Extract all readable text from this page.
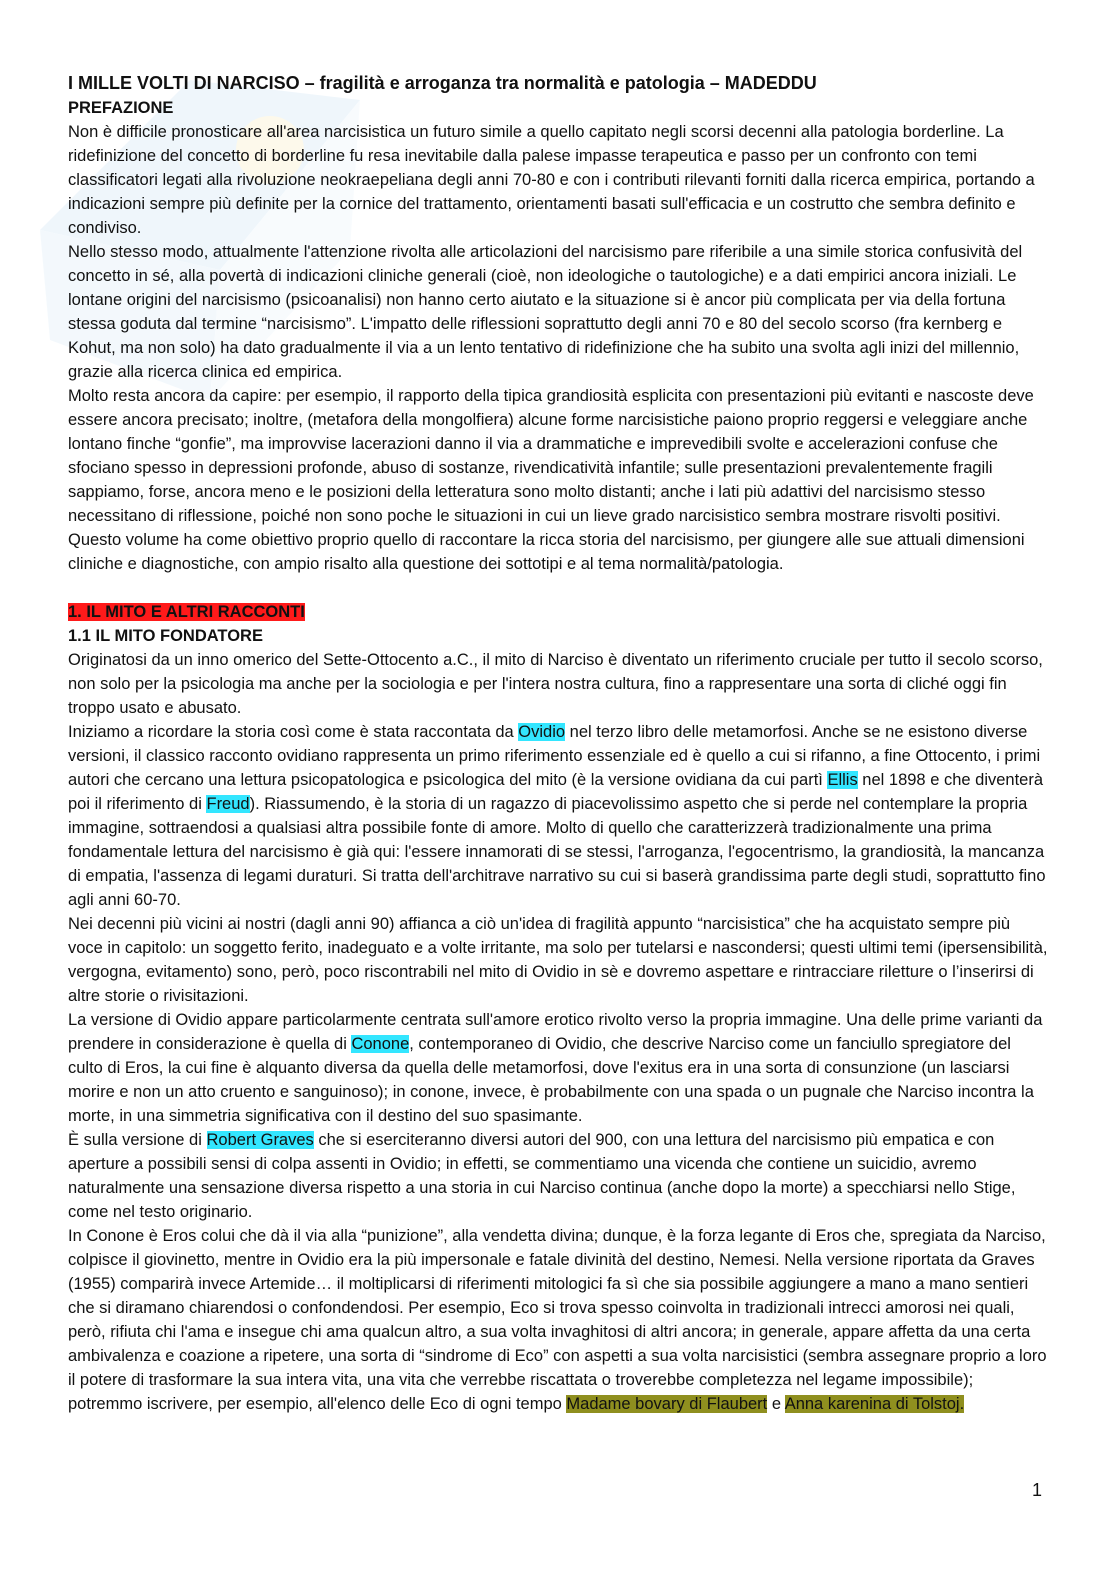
I MILLE VOLTI DI NARCISO – fragilità e arroganza tra normalità e patologia – MADEDDU

PREFAZIONE

Non è difficile pronosticare all'area narcisistica un futuro simile a quello capitato negli scorsi decenni alla patologia borderline. La ridefinizione del concetto di borderline fu resa inevitabile dalla palese impasse terapeutica e passo per un confronto con temi classificatori legati alla rivoluzione neokraepeliana degli anni 70-80 e con i contributi rilevanti forniti dalla ricerca empirica, portando a indicazioni sempre più definite per la cornice del trattamento, orientamenti basati sull'efficacia e un costrutto che sembra definito e condiviso.

Nello stesso modo, attualmente l'attenzione rivolta alle articolazioni del narcisismo pare riferibile a una simile storica confusività del concetto in sé, alla povertà di indicazioni cliniche generali (cioè, non ideologiche o tautologiche) e a dati empirici ancora iniziali. Le lontane origini del narcisismo (psicoanalisi) non hanno certo aiutato e la situazione si è ancor più complicata per via della fortuna stessa goduta dal termine “narcisismo”. L'impatto delle riflessioni soprattutto degli anni 70 e 80 del secolo scorso (fra kernberg e Kohut, ma non solo) ha dato gradualmente il via a un lento tentativo di ridefinizione che ha subito una svolta agli inizi del millennio, grazie alla ricerca clinica ed empirica.

Molto resta ancora da capire: per esempio, il rapporto della tipica grandiosità esplicita con presentazioni più evitanti e nascoste deve essere ancora precisato; inoltre, (metafora della mongolfiera) alcune forme narcisistiche paiono proprio reggersi e veleggiare anche lontano finche “gonfie”, ma improvvise lacerazioni danno il via a drammatiche e imprevedibili svolte e accelerazioni confuse che sfociano spesso in depressioni profonde, abuso di sostanze, rivendicatività infantile; sulle presentazioni prevalentemente fragili sappiamo, forse, ancora meno e le posizioni della letteratura sono molto distanti; anche i lati più adattivi del narcisismo stesso necessitano di riflessione, poiché non sono poche le situazioni in cui un lieve grado narcisistico sembra mostrare risvolti positivi.

Questo volume ha come obiettivo proprio quello di raccontare la ricca storia del narcisismo, per giungere alle sue attuali dimensioni cliniche e diagnostiche, con ampio risalto alla questione dei sottotipi e al tema normalità/patologia.

1. IL MITO E ALTRI RACCONTI

1.1 IL MITO FONDATORE

Originatosi da un inno omerico del Sette-Ottocento a.C., il mito di Narciso è diventato un riferimento cruciale per tutto il secolo scorso, non solo per la psicologia ma anche per la sociologia e per l'intera nostra cultura, fino a rappresentare una sorta di cliché oggi fin troppo usato e abusato.

Iniziamo a ricordare la storia così come è stata raccontata da Ovidio nel terzo libro delle metamorfosi. Anche se ne esistono diverse versioni, il classico racconto ovidiano rappresenta un primo riferimento essenziale ed è quello a cui si rifanno, a fine Ottocento, i primi autori che cercano una lettura psicopatologica e psicologica del mito (è la versione ovidiana da cui partì Ellis nel 1898 e che diventerà poi il riferimento di Freud). Riassumendo, è la storia di un ragazzo di piacevolissimo aspetto che si perde nel contemplare la propria immagine, sottraendosi a qualsiasi altra possibile fonte di amore. Molto di quello che caratterizzerà tradizionalmente una prima fondamentale lettura del narcisismo è già qui: l'essere innamorati di se stessi, l'arroganza, l'egocentrismo, la grandiosità, la mancanza di empatia, l'assenza di legami duraturi. Si tratta dell'architrave narrativo su cui si baserà grandissima parte degli studi, soprattutto fino agli anni 60-70.

Nei decenni più vicini ai nostri (dagli anni 90) affianca a ciò un'idea di fragilità appunto “narcisistica” che ha acquistato sempre più voce in capitolo: un soggetto ferito, inadeguato e a volte irritante, ma solo per tutelarsi e nascondersi; questi ultimi temi (ipersensibilità, vergogna, evitamento) sono, però, poco riscontrabili nel mito di Ovidio in sè e dovremo aspettare e rintracciare riletture o l’inserirsi di altre storie o rivisitazioni.

La versione di Ovidio appare particolarmente centrata sull'amore erotico rivolto verso la propria immagine. Una delle prime varianti da prendere in considerazione è quella di Conone, contemporaneo di Ovidio, che descrive Narciso come un fanciullo spregiatore del culto di Eros, la cui fine è alquanto diversa da quella delle metamorfosi, dove l'exitus era in una sorta di consunzione (un lasciarsi morire e non un atto cruento e sanguinoso); in conone, invece, è probabilmente con una spada o un pugnale che Narciso incontra la morte, in una simmetria significativa con il destino del suo spasimante.

È sulla versione di Robert Graves che si eserciteranno diversi autori del 900, con una lettura del narcisismo più empatica e con aperture a possibili sensi di colpa assenti in Ovidio; in effetti, se commentiamo una vicenda che contiene un suicidio, avremo naturalmente una sensazione diversa rispetto a una storia in cui Narciso continua (anche dopo la morte) a specchiarsi nello Stige, come nel testo originario.

In Conone è Eros colui che dà il via alla “punizione”, alla vendetta divina; dunque, è la forza legante di Eros che, spregiata da Narciso, colpisce il giovinetto, mentre in Ovidio era la più impersonale e fatale divinità del destino, Nemesi. Nella versione riportata da Graves (1955) comparirà invece Artemide… il moltiplicarsi di riferimenti mitologici fa sì che sia possibile aggiungere a mano a mano sentieri che si diramano chiarendosi o confondendosi. Per esempio, Eco si trova spesso coinvolta in tradizionali intrecci amorosi nei quali, però, rifiuta chi l'ama e insegue chi ama qualcun altro, a sua volta invaghitosi di altri ancora; in generale, appare affetta da una certa ambivalenza e coazione a ripetere, una sorta di “sindrome di Eco” con aspetti a sua volta narcisistici (sembra assegnare proprio a loro il potere di trasformare la sua intera vita, una vita che verrebbe riscattata o troverebbe completezza nel legame impossibile); potremmo iscrivere, per esempio, all'elenco delle Eco di ogni tempo Madame bovary di Flaubert e Anna karenina di Tolstoj.

1
